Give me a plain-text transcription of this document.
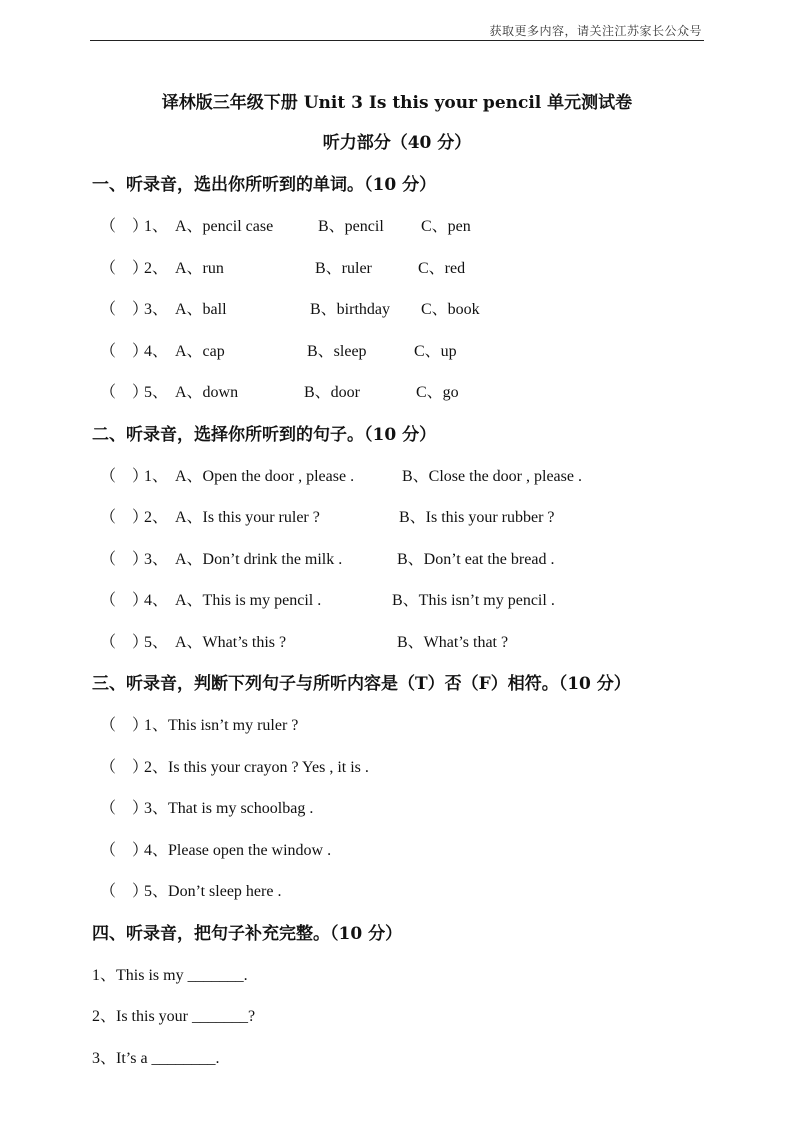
获取更多内容，请关注江苏家长公众号
译林版三年级下册 Unit 3 Is this your pencil 单元测试卷
听力部分（40 分）
一、听录音，选出你所听到的单词。（10 分）
（　）1、 A、pencil case	B、pencil C、pen
（　）2、 A、run	B、ruler	C、red
（　）3、 A、ball	B、birthday C、book
（　）4、 A、cap	B、sleep	C、up
（　）5、 A、down	B、door	C、go
二、听录音，选择你所听到的句子。（10 分）
（　）1、 A、Open the door , please .	B、Close the door , please .
（　）2、 A、Is this your ruler ?	B、Is this your rubber ?
（　）3、 A、Don’t drink the milk .	B、Don’t eat the bread .
（　）4、 A、This is my pencil .	B、This isn’t my pencil .
（　）5、 A、What’s this ?	B、What’s that ?
三、听录音，判断下列句子与所听内容是（T）否（F）相符。（10 分）
（　）1、This isn’t my ruler ?
（　）2、Is this your crayon ? Yes , it is .
（　）3、That is my schoolbag .
（　）4、Please open the window .
（　）5、Don’t sleep here .
四、听录音，把句子补充完整。（10 分）
1、This is my _______.
2、Is this your _______?
3、It’s a ________.
